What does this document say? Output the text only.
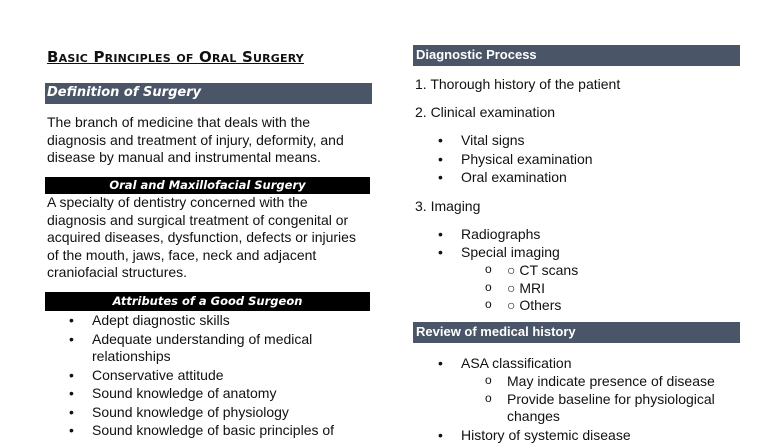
Basic Principles of Oral Surgery
Definition of Surgery
The branch of medicine that deals with the
diagnosis and treatment of injury, deformity, and
disease by manual and instrumental means.
Oral and Maxillofacial Surgery
A specialty of dentistry concerned with the
diagnosis and surgical treatment of congenital or
acquired diseases, dysfunction, defects or injuries
of the mouth, jaws, face, neck and adjacent
craniofacial structures.
Attributes of a Good Surgeon
Adept diagnostic skills
Adequate understanding of medical
relationships
Conservative attitude
Sound knowledge of anatomy
Sound knowledge of physiology
Sound knowledge of basic principles of
Diagnostic Process
1. Thorough history of the patient
2. Clinical examination
Vital signs
Physical examination
Oral examination
3. Imaging
Radiographs
Special imaging
○ CT scans
○ MRI
○ Others
Review of medical history
ASA classification
May indicate presence of disease
Provide baseline for physiological
changes
History of systemic disease
